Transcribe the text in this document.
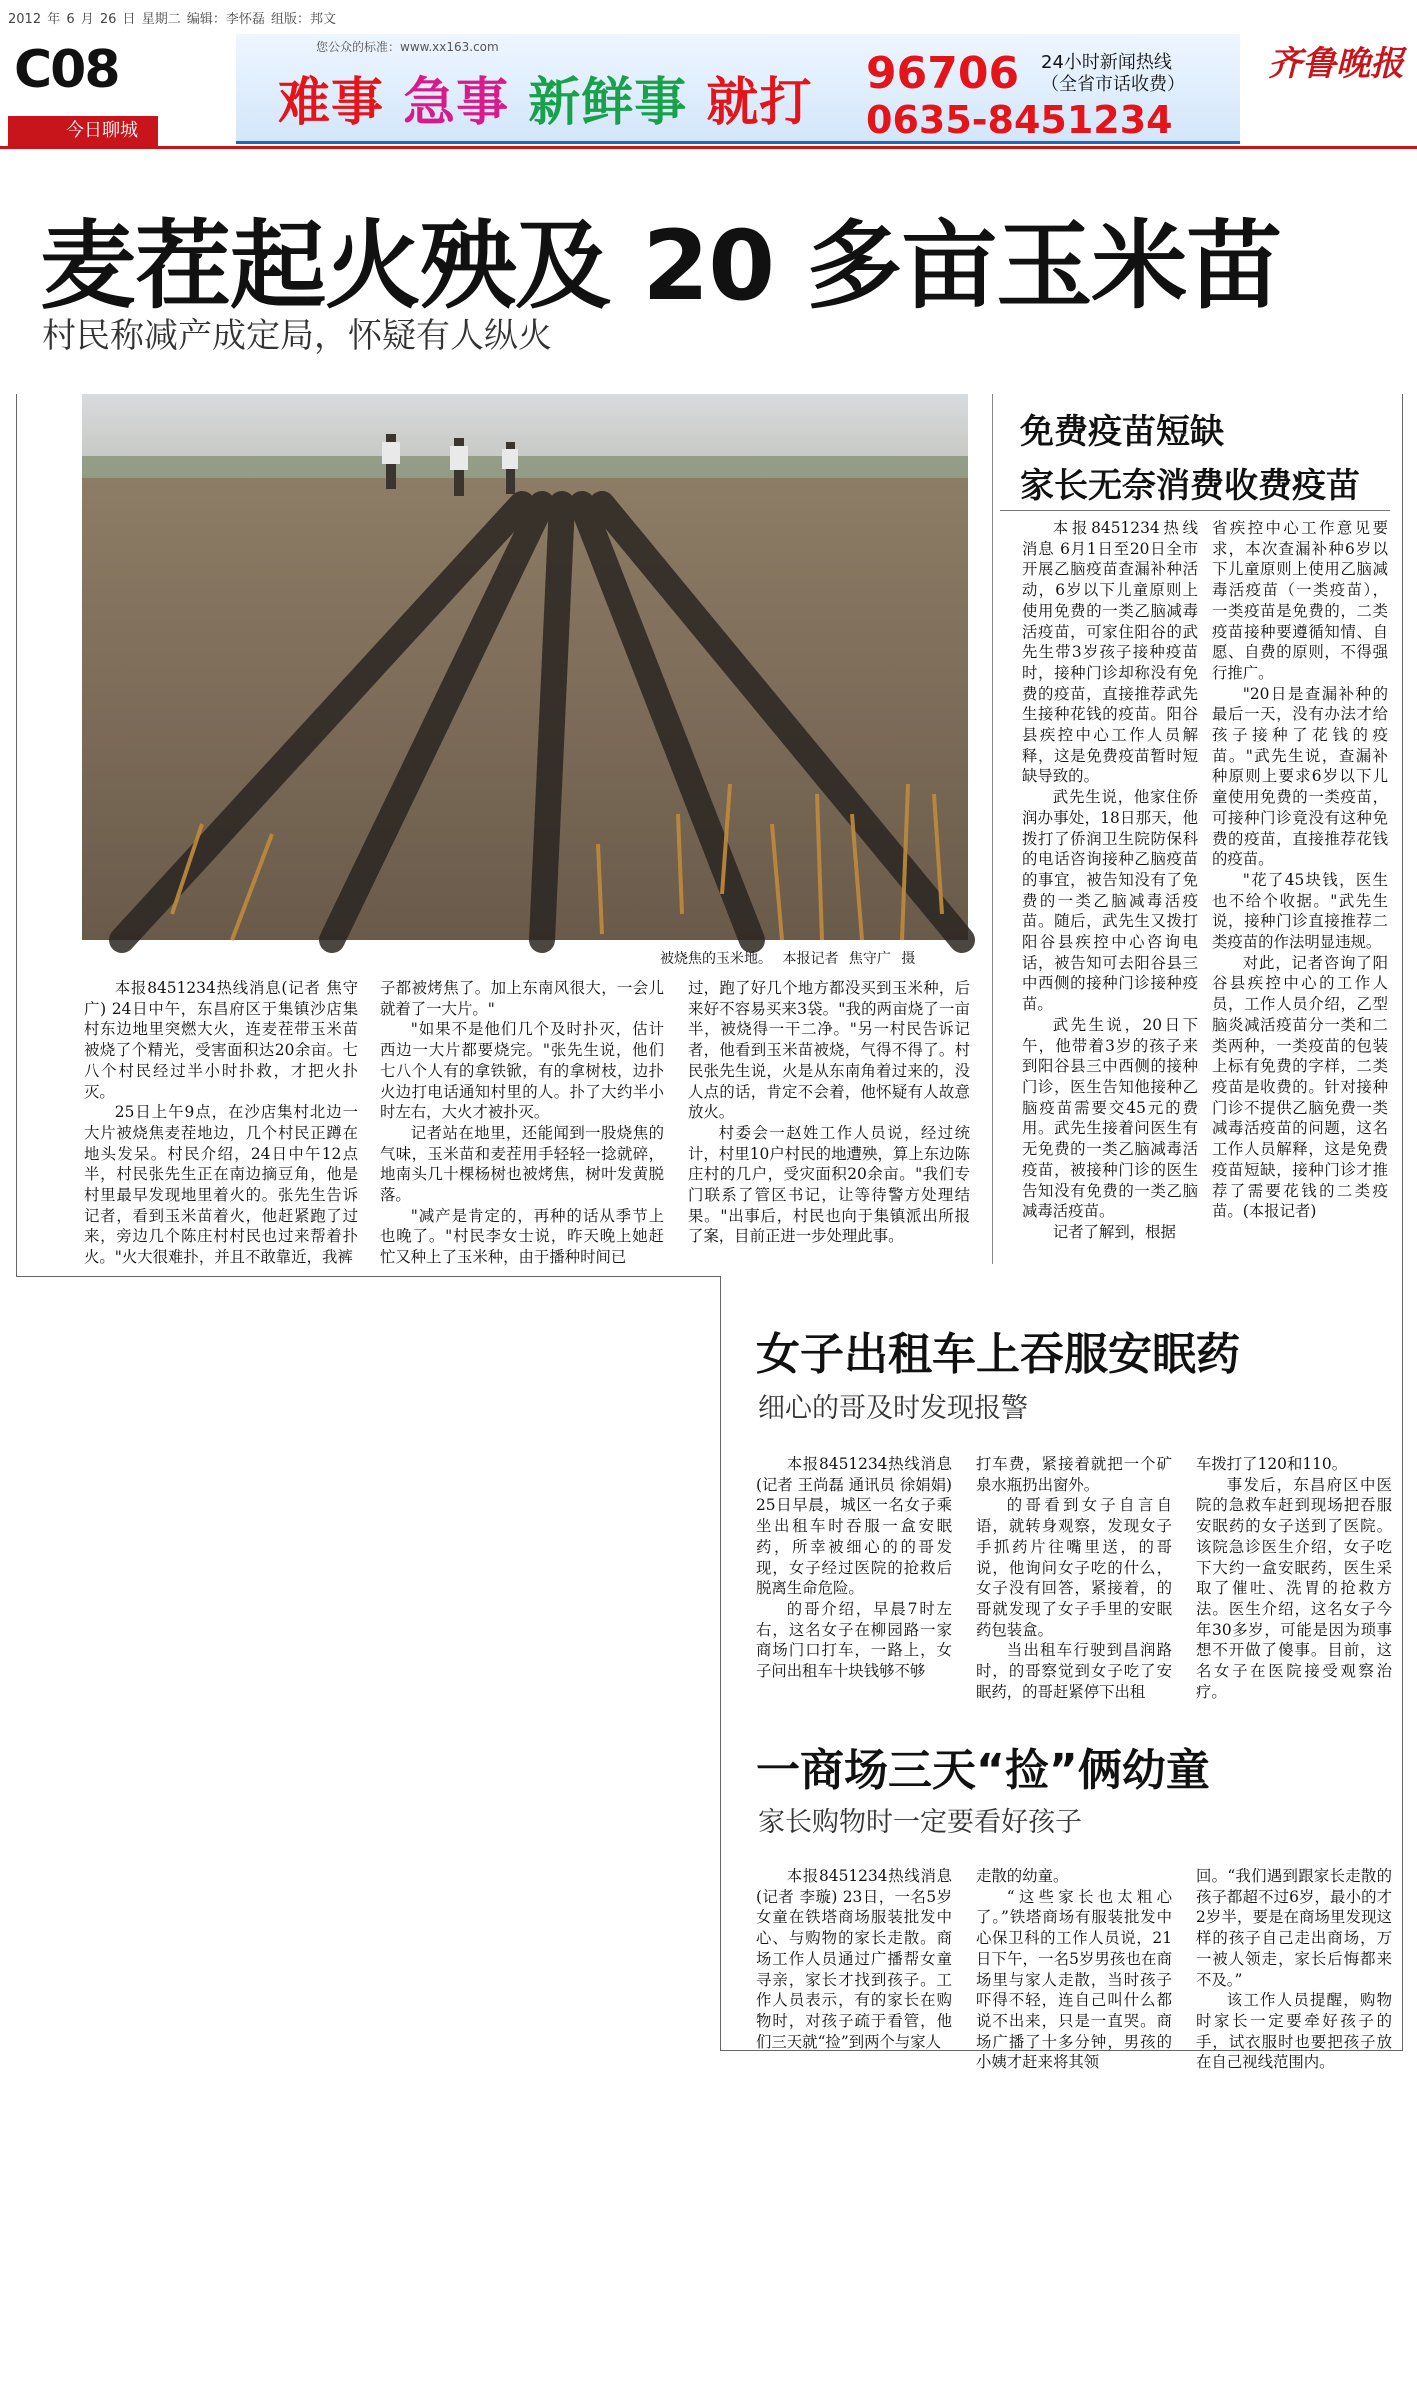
2012 年 6 月 26 日 星期二 编辑：李怀磊 组版：邦文
C08	您公众的标准：www.xx163.com
难事 急事 新鲜事 就打 96706 24小时新闻热线
（全省市话收费）
0635-8451234
齐鲁晚报
今日聊城
麦茬起火殃及 20 多亩玉米苗
村民称减产成定局，怀疑有人纵火
被烧焦的玉米地。 本报记者 焦守广 摄

本报8451234热线消息(记者 焦守广) 24日中午，东昌府区于集镇沙店集村东边地里突燃大火，连麦茬带玉米苗被烧了个精光，受害面积达20余亩。七八个村民经过半小时扑救，才把火扑灭。

25日上午9点，在沙店集村北边一大片被烧焦麦茬地边，几个村民正蹲在地头发呆。村民介绍，24日中午12点半，村民张先生正在南边摘豆角，他是村里最早发现地里着火的。张先生告诉记者，看到玉米苗着火，他赶紧跑了过来，旁边几个陈庄村村民也过来帮着扑火。"火大很难扑，并且不敢靠近，我裤

子都被烤焦了。加上东南风很大，一会儿就着了一大片。"

"如果不是他们几个及时扑灭，估计西边一大片都要烧完。"张先生说，他们七八个人有的拿铁锨，有的拿树枝，边扑火边打电话通知村里的人。扑了大约半小时左右，大火才被扑灭。

记者站在地里，还能闻到一股烧焦的气味，玉米苗和麦茬用手轻轻一捻就碎，地南头几十棵杨树也被烤焦，树叶发黄脱落。

"减产是肯定的，再种的话从季节上也晚了。"村民李女士说，昨天晚上她赶忙又种上了玉米种，由于播种时间已

过，跑了好几个地方都没买到玉米种，后来好不容易买来3袋。"我的两亩烧了一亩半，被烧得一干二净。"另一村民告诉记者，他看到玉米苗被烧，气得不得了。村民张先生说，火是从东南角着过来的，没人点的话，肯定不会着，他怀疑有人故意放火。

村委会一赵姓工作人员说，经过统计，村里10户村民的地遭殃，算上东边陈庄村的几户，受灾面积20余亩。"我们专门联系了管区书记，让等待警方处理结果。"出事后，村民也向于集镇派出所报了案，目前正进一步处理此事。

免费疫苗短缺
家长无奈消费收费疫苗

本报8451234热线消息 6月1日至20日全市开展乙脑疫苗查漏补种活动，6岁以下儿童原则上使用免费的一类乙脑减毒活疫苗，可家住阳谷的武先生带3岁孩子接种疫苗时，接种门诊却称没有免费的疫苗，直接推荐武先生接种花钱的疫苗。阳谷县疾控中心工作人员解释，这是免费疫苗暂时短缺导致的。

武先生说，他家住侨润办事处，18日那天，他拨打了侨润卫生院防保科的电话咨询接种乙脑疫苗的事宜，被告知没有了免费的一类乙脑减毒活疫苗。随后，武先生又拨打阳谷县疾控中心咨询电话，被告知可去阳谷县三中西侧的接种门诊接种疫苗。

武先生说，20日下午，他带着3岁的孩子来到阳谷县三中西侧的接种门诊，医生告知他接种乙脑疫苗需要交45元的费用。武先生接着问医生有无免费的一类乙脑减毒活疫苗，被接种门诊的医生告知没有免费的一类乙脑减毒活疫苗。

记者了解到，根据

省疾控中心工作意见要求，本次查漏补种6岁以下儿童原则上使用乙脑减毒活疫苗（一类疫苗），一类疫苗是免费的，二类疫苗接种要遵循知情、自愿、自费的原则，不得强行推广。

"20日是查漏补种的最后一天，没有办法才给孩子接种了花钱的疫苗。"武先生说，查漏补种原则上要求6岁以下儿童使用免费的一类疫苗，可接种门诊竟没有这种免费的疫苗，直接推荐花钱的疫苗。

"花了45块钱，医生也不给个收据。"武先生说，接种门诊直接推荐二类疫苗的作法明显违规。

对此，记者咨询了阳谷县疾控中心的工作人员，工作人员介绍，乙型脑炎减活疫苗分一类和二类两种，一类疫苗的包装上标有免费的字样，二类疫苗是收费的。针对接种门诊不提供乙脑免费一类减毒活疫苗的问题，这名工作人员解释，这是免费疫苗短缺，接种门诊才推荐了需要花钱的二类疫苗。(本报记者)

女子出租车上吞服安眠药
细心的哥及时发现报警

本报8451234热线消息(记者 王尚磊 通讯员 徐娟娟) 25日早晨，城区一名女子乘坐出租车时吞服一盒安眠药，所幸被细心的的哥发现，女子经过医院的抢救后脱离生命危险。

的哥介绍，早晨7时左右，这名女子在柳园路一家商场门口打车，一路上，女子问出租车十块钱够不够

打车费，紧接着就把一个矿泉水瓶扔出窗外。

的哥看到女子自言自语，就转身观察，发现女子手抓药片往嘴里送，的哥说，他询问女子吃的什么，女子没有回答，紧接着，的哥就发现了女子手里的安眠药包装盒。

当出租车行驶到昌润路时，的哥察觉到女子吃了安眠药，的哥赶紧停下出租

车拨打了120和110。

事发后，东昌府区中医院的急救车赶到现场把吞服安眠药的女子送到了医院。该院急诊医生介绍，女子吃下大约一盒安眠药，医生采取了催吐、洗胃的抢救方法。医生介绍，这名女子今年30多岁，可能是因为琐事想不开做了傻事。目前，这名女子在医院接受观察治疗。

一商场三天“捡”俩幼童
家长购物时一定要看好孩子

本报8451234热线消息(记者 李璇) 23日，一名5岁女童在铁塔商场服装批发中心、与购物的家长走散。商场工作人员通过广播帮女童寻亲，家长才找到孩子。工作人员表示，有的家长在购物时，对孩子疏于看管，他们三天就“捡”到两个与家人

走散的幼童。

“这些家长也太粗心了。”铁塔商场有服装批发中心保卫科的工作人员说，21日下午，一名5岁男孩也在商场里与家人走散，当时孩子吓得不轻，连自己叫什么都说不出来，只是一直哭。商场广播了十多分钟，男孩的小姨才赶来将其领

回。“我们遇到跟家长走散的孩子都超不过6岁，最小的才2岁半，要是在商场里发现这样的孩子自己走出商场，万一被人领走，家长后悔都来不及。”

该工作人员提醒，购物时家长一定要牵好孩子的手，试衣服时也要把孩子放在自己视线范围内。
